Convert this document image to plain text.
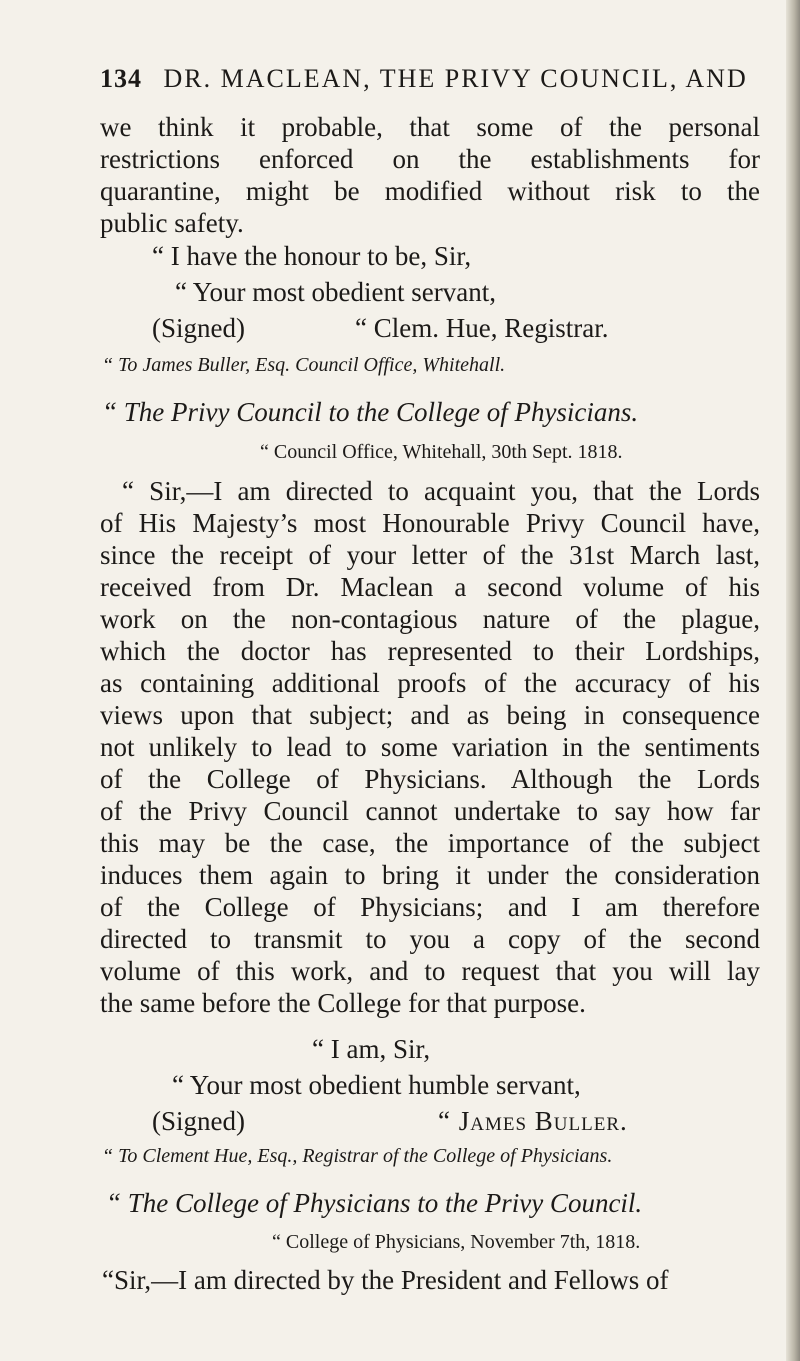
134 DR. MACLEAN, THE PRIVY COUNCIL, AND
we think it probable, that some of the personal
restrictions enforced on the establishments for
quarantine, might be modified without risk to the
public safety.
“ I have the honour to be, Sir,
“ Your most obedient servant,
(Signed)	“ Clem. Hue, Registrar.
“ To James Buller, Esq. Council Office, Whitehall.
“ The Privy Council to the College of Physicians.
“ Council Office, Whitehall, 30th Sept. 1818.
“ Sir,—I am directed to acquaint you, that the Lords
of His Majesty’s most Honourable Privy Council have,
since the receipt of your letter of the 31st March last,
received from Dr. Maclean a second volume of his
work on the non-contagious nature of the plague,
which the doctor has represented to their Lordships,
as containing additional proofs of the accuracy of his
views upon that subject; and as being in consequence
not unlikely to lead to some variation in the sentiments
of the College of Physicians. Although the Lords
of the Privy Council cannot undertake to say how far
this may be the case, the importance of the subject
induces them again to bring it under the consideration
of the College of Physicians; and I am therefore
directed to transmit to you a copy of the second
volume of this work, and to request that you will lay
the same before the College for that purpose.
“ I am, Sir,
“ Your most obedient humble servant,
(Signed)	“ James Buller.
“ To Clement Hue, Esq., Registrar of the College of Physicians.
“ The College of Physicians to the Privy Council.
“ College of Physicians, November 7th, 1818.
“Sir,—I am directed by the President and Fellows of
